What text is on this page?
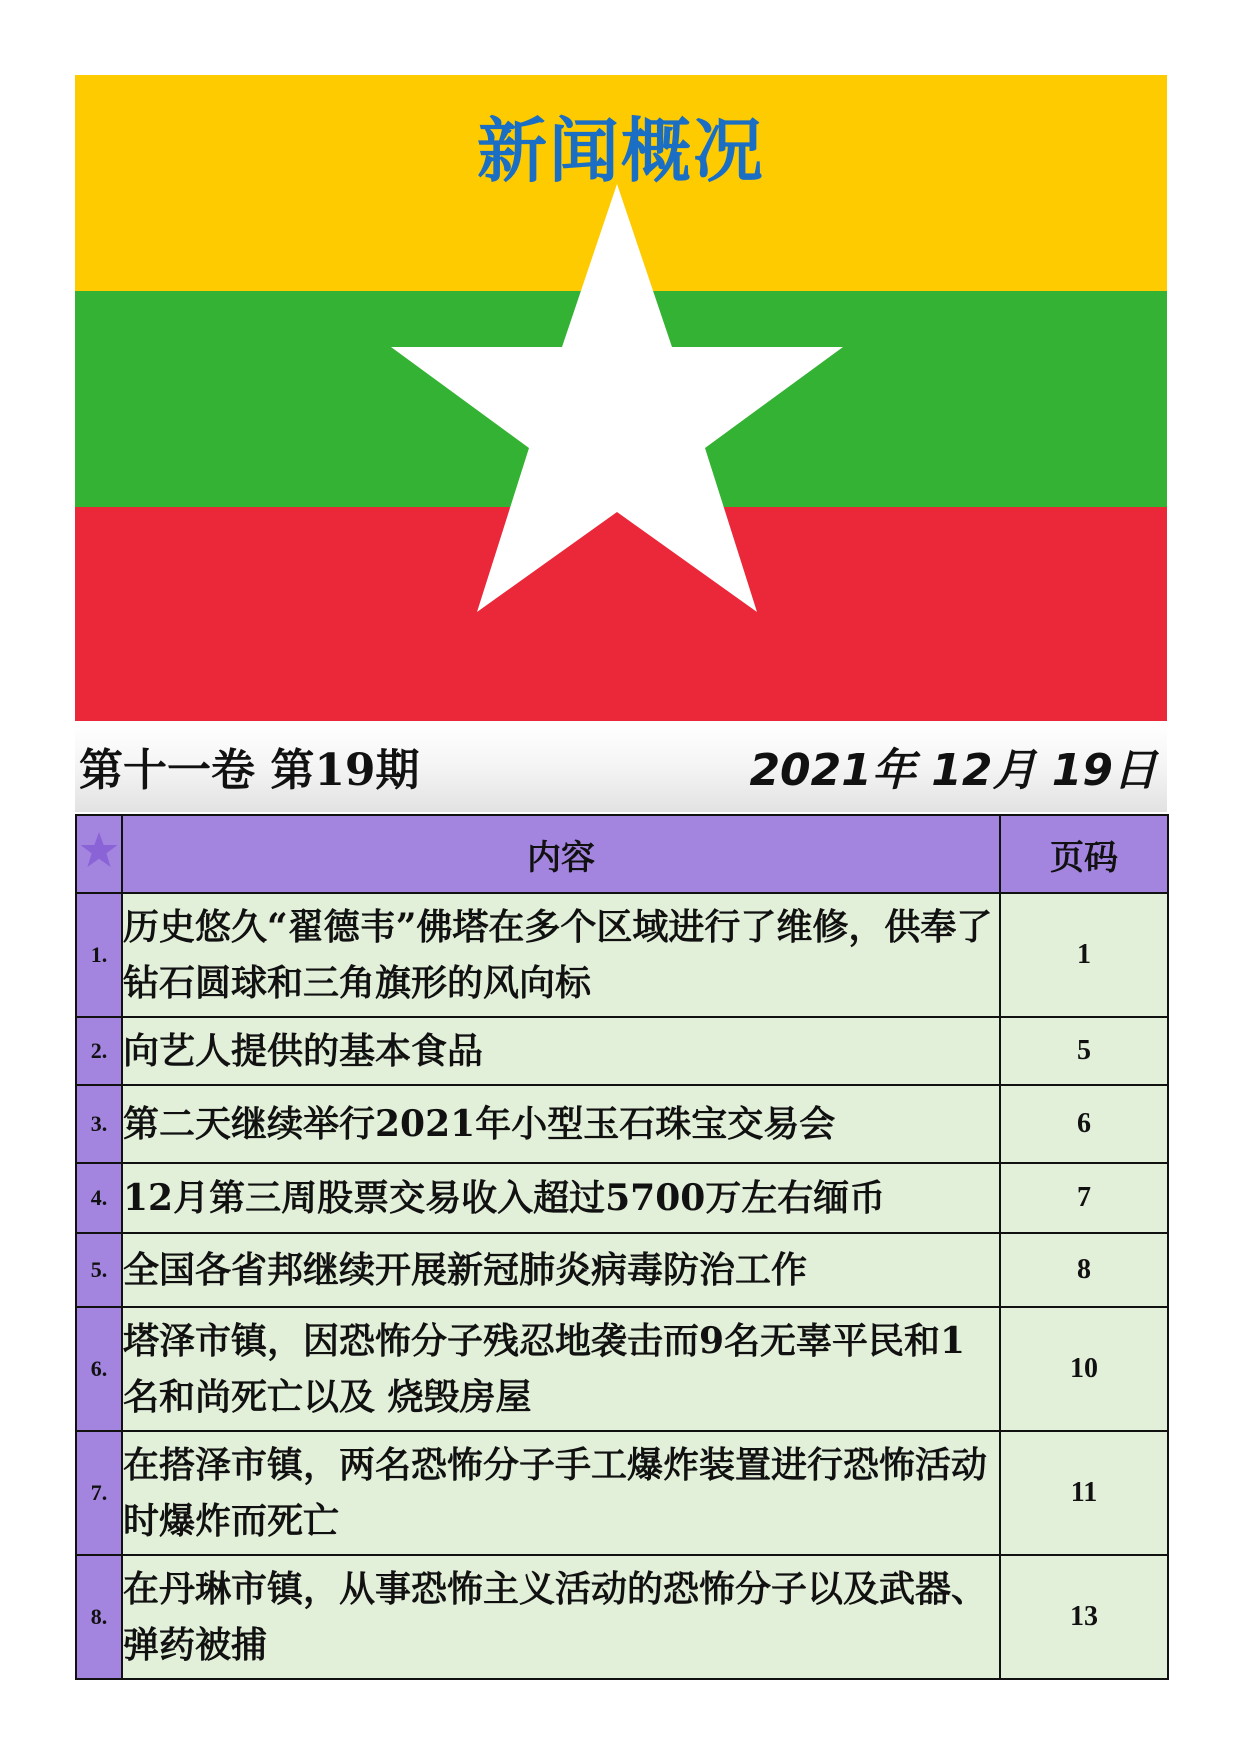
新闻概况
第十一卷 第19期	2021年 12月 19日
	内容	页码
1.	历史悠久“翟德韦”佛塔在多个区域进行了维修，供奉了钻石圆球和三角旗形的风向标	1
2.	向艺人提供的基本食品	5
3.	第二天继续举行2021年小型玉石珠宝交易会	6
4.	12月第三周股票交易收入超过5700万左右缅币	7
5.	全国各省邦继续开展新冠肺炎病毒防治工作	8
6.	塔泽市镇，因恐怖分子残忍地袭击而9名无辜平民和1名和尚死亡以及 烧毁房屋	10
7.	在搭泽市镇，两名恐怖分子手工爆炸装置进行恐怖活动时爆炸而死亡	11
8.	在丹琳市镇，从事恐怖主义活动的恐怖分子以及武器、弹药被捕	13
